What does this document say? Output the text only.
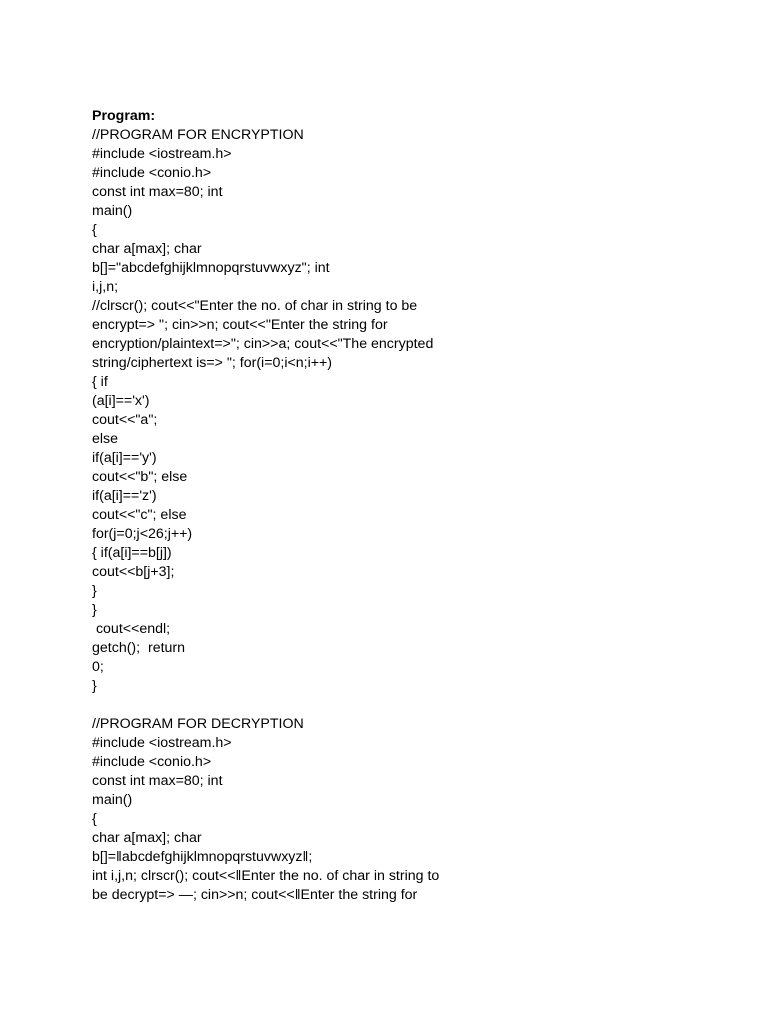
Program:
//PROGRAM FOR ENCRYPTION
#include <iostream.h>
#include <conio.h>
const int max=80; int
main()
{
char a[max]; char
b[]="abcdefghijklmnopqrstuvwxyz"; int
i,j,n;
//clrscr(); cout<<"Enter the no. of char in string to be
encrypt=> "; cin>>n; cout<<"Enter the string for
encryption/plaintext=>"; cin>>a; cout<<"The encrypted
string/ciphertext is=> "; for(i=0;i<n;i++)
{ if
(a[i]=='x')
cout<<"a";
else
if(a[i]=='y')
cout<<"b"; else
if(a[i]=='z')
cout<<"c"; else
for(j=0;j<26;j++)
{ if(a[i]==b[j])
cout<<b[j+3];
}
}
cout<<endl;
getch();  return
0;
}
//PROGRAM FOR DECRYPTION
#include <iostream.h>
#include <conio.h>
const int max=80; int
main()
{
char a[max]; char
b[]=‖abcdefghijklmnopqrstuvwxyz‖;
int i,j,n; clrscr(); cout<<‖Enter the no. of char in string to
be decrypt=> —; cin>>n; cout<<‖Enter the string for
